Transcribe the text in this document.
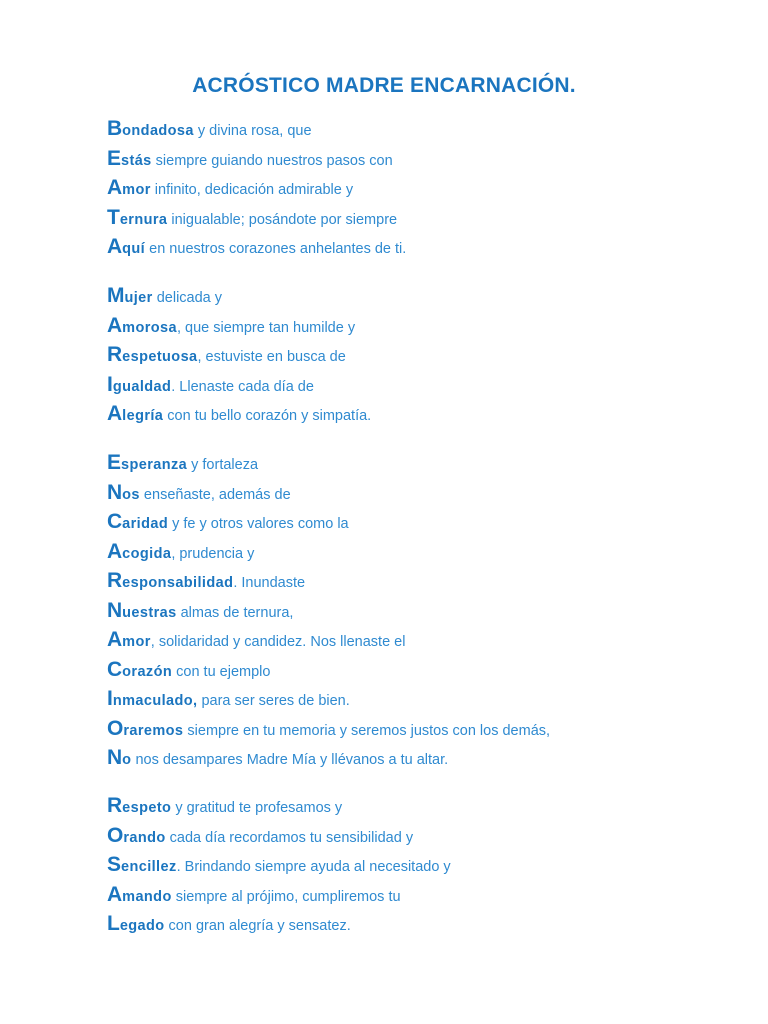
ACRÓSTICO MADRE ENCARNACIÓN.
Bondadosa y divina rosa, que
Estás siempre guiando nuestros pasos con
Amor infinito, dedicación admirable y
Ternura inigualable; posándote por siempre
Aquí en nuestros corazones anhelantes de ti.
Mujer delicada y
Amorosa, que siempre tan humilde y
Respetuosa, estuviste en busca de
Igualdad. Llenaste cada día de
Alegría con tu bello corazón y simpatía.
Esperanza y fortaleza
Nos enseñaste, además de
Caridad y fe y otros valores como la
Acogida, prudencia y
Responsabilidad. Inundaste
Nuestras almas de ternura,
Amor, solidaridad y candidez. Nos llenaste el
Corazón con tu ejemplo
Inmaculado, para ser seres de bien.
Oraremos siempre en tu memoria y seremos justos con los demás,
No nos desampares Madre Mía y llévanos a tu altar.
Respeto y gratitud te profesamos y
Orando cada día recordamos tu sensibilidad y
Sencillez. Brindando siempre ayuda al necesitado y
Amando siempre al prójimo, cumpliremos tu
Legado con gran alegría y sensatez.
